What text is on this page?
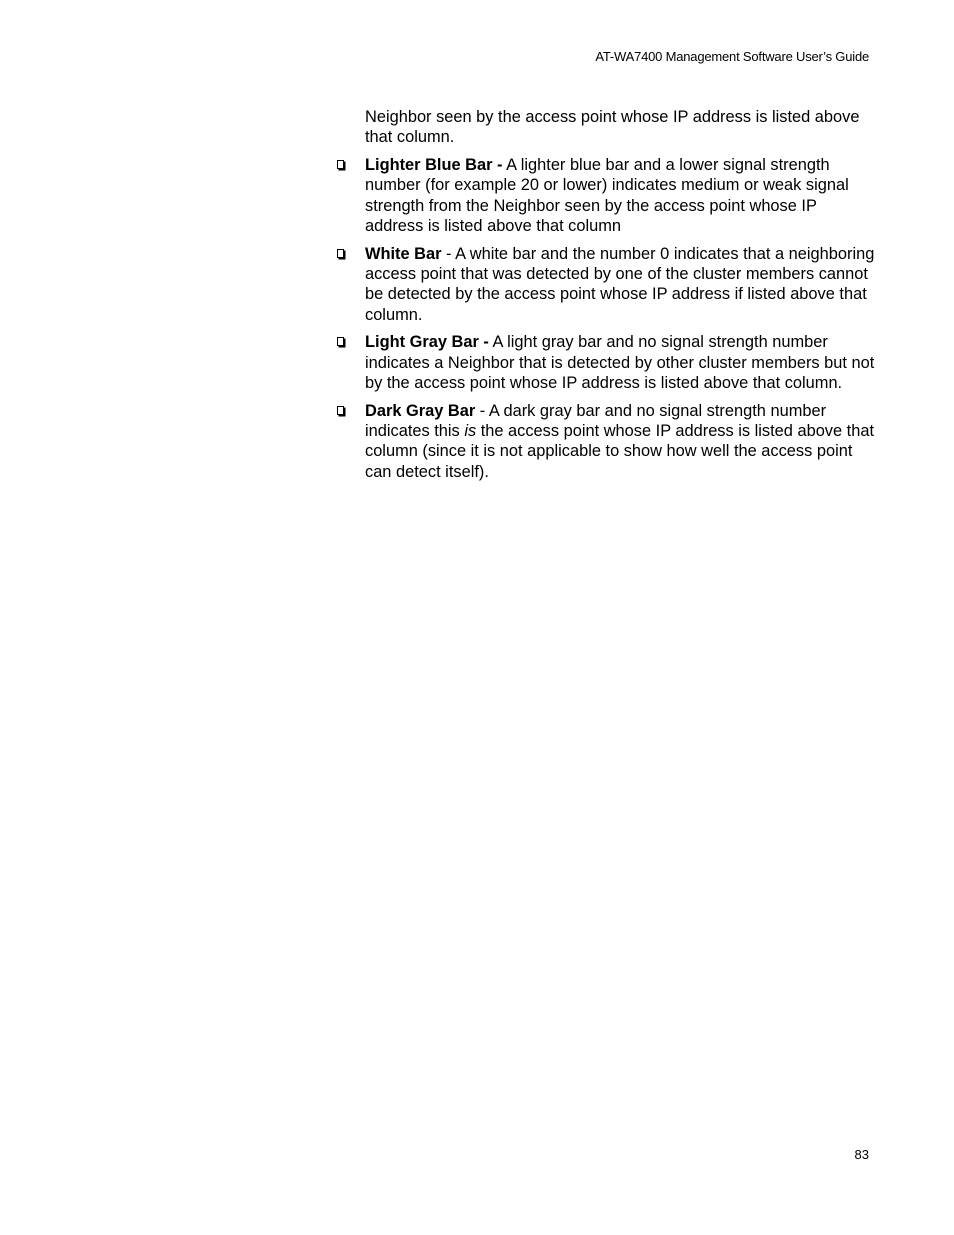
AT-WA7400 Management Software User’s Guide

Neighbor seen by the access point whose IP address is listed above that column.

Lighter Blue Bar - A lighter blue bar and a lower signal strength number (for example 20 or lower) indicates medium or weak signal strength from the Neighbor seen by the access point whose IP address is listed above that column
White Bar - A white bar and the number 0 indicates that a neighboring access point that was detected by one of the cluster members cannot be detected by the access point whose IP address if listed above that column.
Light Gray Bar - A light gray bar and no signal strength number indicates a Neighbor that is detected by other cluster members but not by the access point whose IP address is listed above that column.
Dark Gray Bar - A dark gray bar and no signal strength number indicates this is the access point whose IP address is listed above that column (since it is not applicable to show how well the access point can detect itself).
83
